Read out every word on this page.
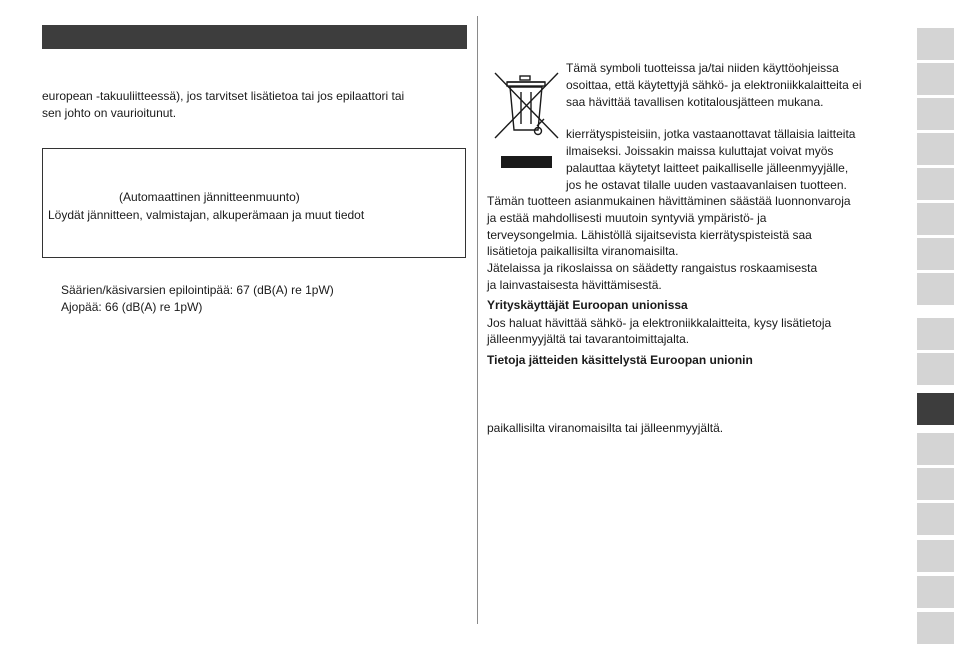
european -takuuliitteessä), jos tarvitset lisätietoa tai jos epilaattori tai
sen johto on vaurioitunut.
(Automaattinen jännitteenmuunto)
Löydät jännitteen, valmistajan, alkuperämaan ja muut tiedot
Säärien/käsivarsien epilointipää: 67 (dB(A) re 1pW)
Ajopää: 66 (dB(A) re 1pW)
Tämä symboli tuotteissa ja/tai niiden käyttöohjeissa
osoittaa, että käytettyjä sähkö- ja elektroniikkalaitteita ei
saa hävittää tavallisen kotitalousjätteen mukana.
kierrätyspisteisiin, jotka vastaanottavat tällaisia laitteita
ilmaiseksi. Joissakin maissa kuluttajat voivat myös
palauttaa käytetyt laitteet paikalliselle jälleenmyyjälle,
jos he ostavat tilalle uuden vastaavanlaisen tuotteen.
Tämän tuotteen asianmukainen hävittäminen säästää luonnonvaroja
ja estää mahdollisesti muutoin syntyviä ympäristö- ja
terveysongelmia. Lähistöllä sijaitsevista kierrätyspisteistä saa
lisätietoja paikallisilta viranomaisilta.
Jätelaissa ja rikoslaissa on säädetty rangaistus roskaamisesta
ja lainvastaisesta hävittämisestä.
Yrityskäyttäjät Euroopan unionissa
Jos haluat hävittää sähkö- ja elektroniikkalaitteita, kysy lisätietoja
jälleenmyyjältä tai tavarantoimittajalta.
Tietoja jätteiden käsittelystä Euroopan unionin
paikallisilta viranomaisilta tai jälleenmyyjältä.
